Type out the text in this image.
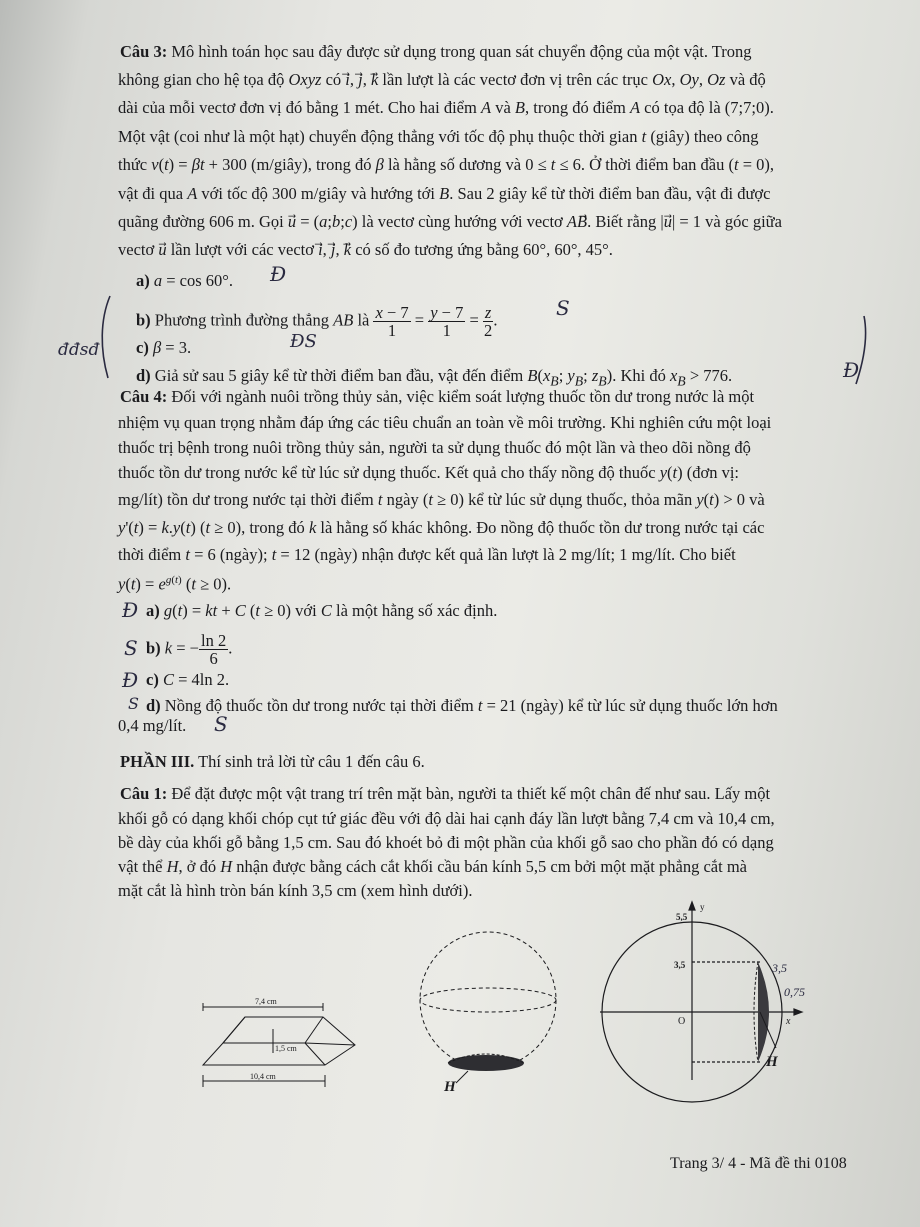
Câu 3: Mô hình toán học sau đây được sử dụng trong quan sát chuyển động của một vật. Trong
không gian cho hệ tọa độ Oxyz có i⃗, j⃗, k⃗ lần lượt là các vectơ đơn vị trên các trục Ox, Oy, Oz và độ
dài của mỗi vectơ đơn vị đó bằng 1 mét. Cho hai điểm A và B, trong đó điểm A có tọa độ là (7;7;0).
Một vật (coi như là một hạt) chuyển động thẳng với tốc độ phụ thuộc thời gian t (giây) theo công
thức v(t) = βt + 300 (m/giây), trong đó β là hằng số dương và 0 ≤ t ≤ 6. Ở thời điểm ban đầu (t = 0),
vật đi qua A với tốc độ 300 m/giây và hướng tới B. Sau 2 giây kể từ thời điểm ban đầu, vật đi được
quãng đường 606 m. Gọi u⃗ = (a;b;c) là vectơ cùng hướng với vectơ AB⃗. Biết rằng |u⃗| = 1 và góc giữa
vectơ u⃗ lần lượt với các vectơ i⃗, j⃗, k⃗ có số đo tương ứng bằng 60°, 60°, 45°.
a) a = cos 60°.
b) Phương trình đường thẳng AB là $\frac{x - 7}{1} = \frac{y - 7}{1} = \frac{z}{2}$ .
c) β = 3.
d) Giả sử sau 5 giây kể từ thời điểm ban đầu, vật đến điểm $B(x_B$; $y_B$; $z_B$). Khi đó $x_B > 776$.
Đ
S
ĐS
Đ
đđsđ
Câu 4: Đối với ngành nuôi trồng thủy sản, việc kiểm soát lượng thuốc tồn dư trong nước là một
nhiệm vụ quan trọng nhằm đáp ứng các tiêu chuẩn an toàn về môi trường. Khi nghiên cứu một loại
thuốc trị bệnh trong nuôi trồng thủy sản, người ta sử dụng thuốc đó một lần và theo dõi nồng độ
thuốc tồn dư trong nước kể từ lúc sử dụng thuốc. Kết quả cho thấy nồng độ thuốc y(t) (đơn vị:
mg/lít) tồn dư trong nước tại thời điểm t ngày (t ≥ 0) kể từ lúc sử dụng thuốc, thỏa mãn y(t) > 0 và
y'(t) = k.y(t) (t ≥ 0), trong đó k là hằng số khác không. Đo nồng độ thuốc tồn dư trong nước tại các
thời điểm t = 6 (ngày); t = 12 (ngày) nhận được kết quả lần lượt là 2 mg/lít; 1 mg/lít. Cho biết
$y(t) = e^{g(t)}$ (t ≥ 0).
a) g(t) = kt + C (t ≥ 0) với C là một hằng số xác định.
b) k = − $\frac{\ln 2}{6}$ .
c) C = 4ln 2.
d) Nồng độ thuốc tồn dư trong nước tại thời điểm t = 21 (ngày) kể từ lúc sử dụng thuốc lớn hơn
0,4 mg/lít.
Đ
S
Đ
S
S
PHẦN III. Thí sinh trả lời từ câu 1 đến câu 6.
Câu 1: Để đặt được một vật trang trí trên mặt bàn, người ta thiết kế một chân đế như sau. Lấy một
khối gỗ có dạng khối chóp cụt tứ giác đều với độ dài hai cạnh đáy lần lượt bằng 7,4 cm và 10,4 cm,
bề dày của khối gỗ bằng 1,5 cm. Sau đó khoét bỏ đi một phần của khối gỗ sao cho phần đó có dạng
vật thể H, ở đó H nhận được bằng cách cắt khối cầu bán kính 5,5 cm bởi một mặt phẳng cắt mà
mặt cắt là hình tròn bán kính 3,5 cm (xem hình dưới).
7,4 cm
1,5 cm
10,4 cm
H
y
5,5
3,5
O	x
H
3,5
0,75
Trang 3/ 4 - Mã đề thi 0108
